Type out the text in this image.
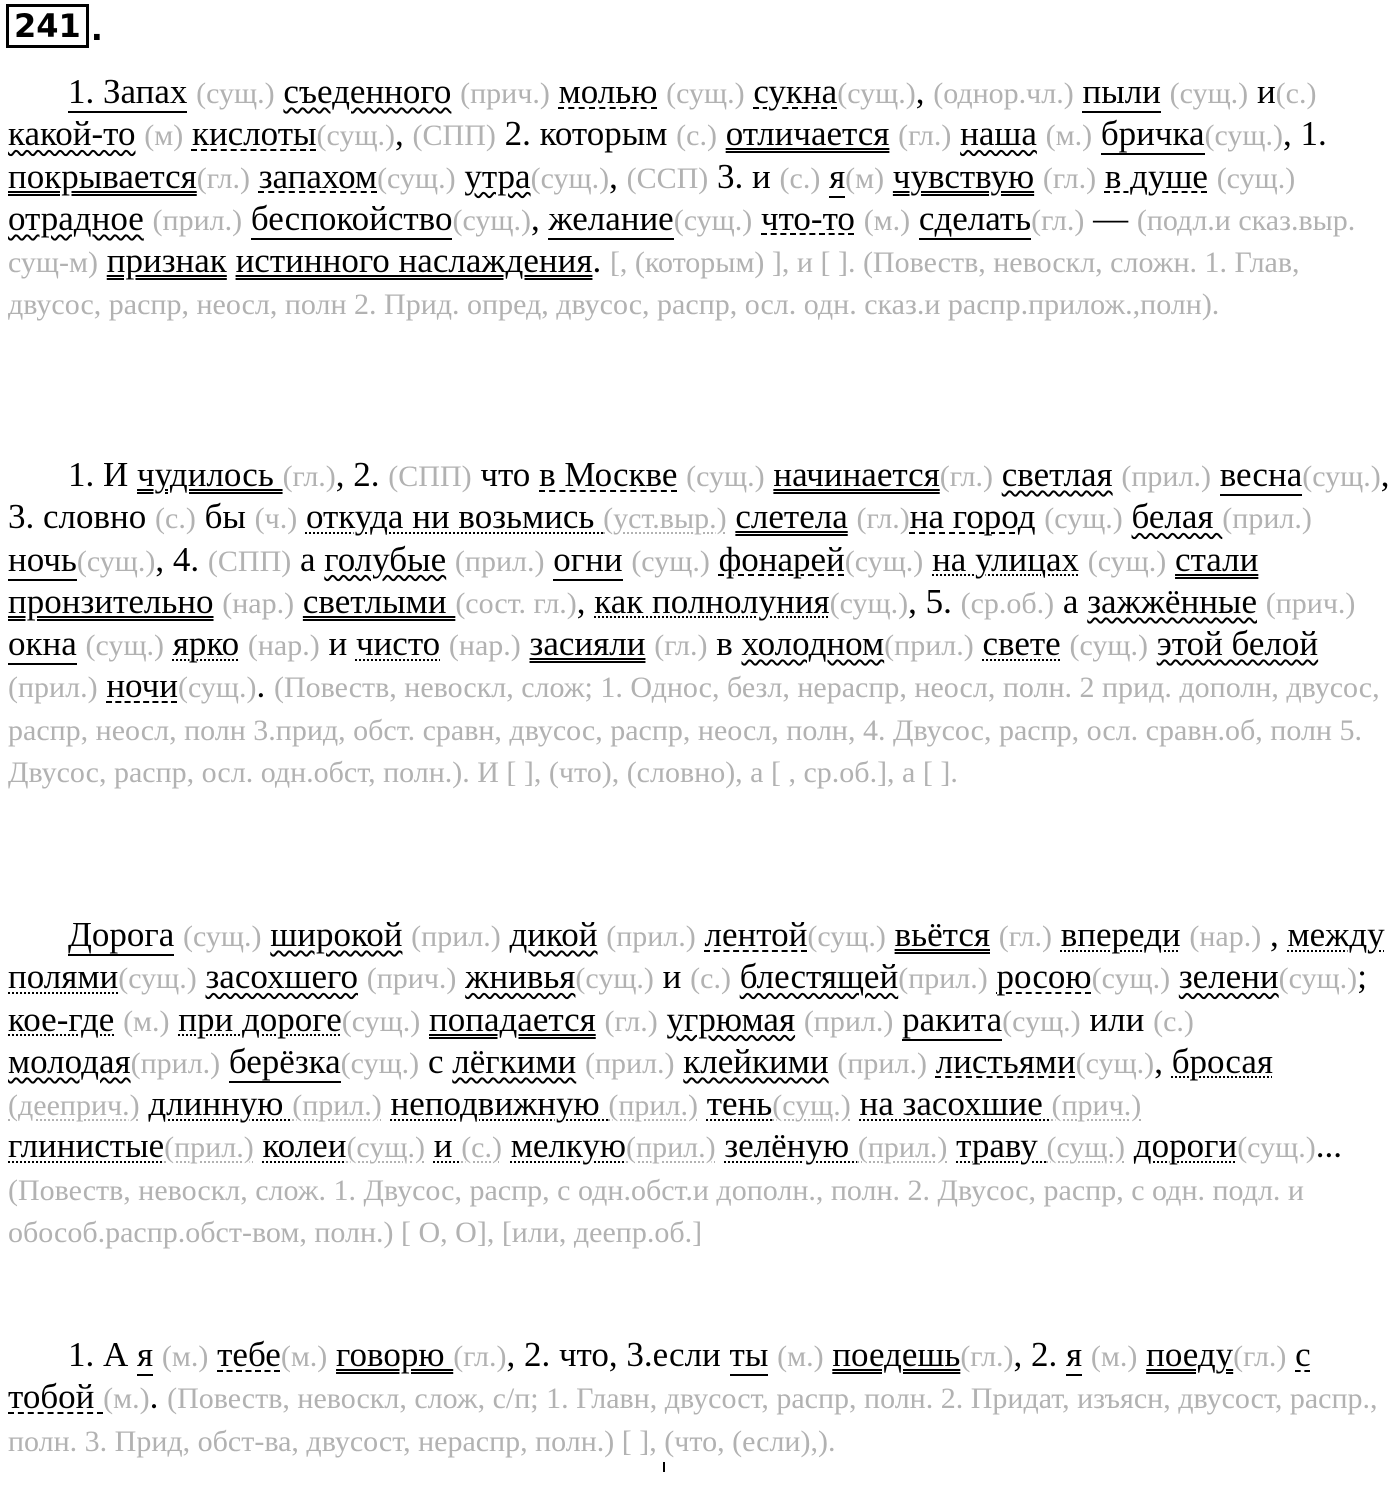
241 .

1. Запах (сущ.) съеденного (прич.) молью (сущ.) сукна(сущ.), (однор.чл.) пыли (сущ.) и(с.) какой-то (м) кислоты(сущ.), (СПП) 2. которым (с.) отличается (гл.) наша (м.) бричка(сущ.), 1. покрывается(гл.) запахом(сущ.) утра(сущ.), (ССП) 3. и (с.) я(м) чувствую (гл.) в душе (сущ.) отрадное (прил.) беспокойство(сущ.), желание(сущ.) что-то (м.) сделать(гл.) — (подл.и сказ.выр. сущ-м) признак истинного наслаждения. [, (которым) ], и [ ]. (Повеств, невоскл, сложн. 1. Глав, двусос, распр, неосл, полн 2. Прид. опред, двусос, распр, осл. одн. сказ.и распр.прилож.,полн).

1. И чудилось (гл.), 2. (СПП) что в Москве (сущ.) начинается(гл.) светлая (прил.) весна(сущ.), 3. словно (с.) бы (ч.) откуда ни возьмись (уст.выр.) слетела (гл.)на город (сущ.) белая (прил.) ночь(сущ.), 4. (СПП) а голубые (прил.) огни (сущ.) фонарей(сущ.) на улицах (сущ.) стали пронзительно (нар.) светлыми (сост. гл.), как полнолуния(сущ.), 5. (ср.об.) а зажжённые (прич.) окна (сущ.) ярко (нар.) и чисто (нар.) засияли (гл.) в холодном(прил.) свете (сущ.) этой белой (прил.) ночи(сущ.). (Повеств, невоскл, слож; 1. Однос, безл, нераспр, неосл, полн. 2 прид. дополн, двусос, распр, неосл, полн 3.прид, обст. сравн, двусос, распр, неосл, полн, 4. Двусос, распр, осл. сравн.об, полн 5. Двусос, распр, осл. одн.обст, полн.). И [ ], (что), (словно), а [ , ср.об.], а [ ].

Дорога (сущ.) широкой (прил.) дикой (прил.) лентой(сущ.) вьётся (гл.) впереди (нар.) , между полями(сущ.) засохшего (прич.) жнивья(сущ.) и (с.) блестящей(прил.) росою(сущ.) зелени(сущ.); кое-где (м.) при дороге(сущ.) попадается (гл.) угрюмая (прил.) ракита(сущ.) или (с.) молодая(прил.) берёзка(сущ.) с лёгкими (прил.) клейкими (прил.) листьями(сущ.), бросая (дееприч.) длинную (прил.) неподвижную (прил.) тень(сущ.) на засохшие (прич.) глинистые(прил.) колеи(сущ.) и (с.) мелкую(прил.) зелёную (прил.) траву (сущ.) дороги(сущ.)... (Повеств, невоскл, слож. 1. Двусос, распр, с одн.обст.и дополн., полн. 2. Двусос, распр, с одн. подл. и обособ.распр.обст-вом, полн.) [ О, О], [или, деепр.об.]

1. А я (м.) тебе(м.) говорю (гл.), 2. что, 3.если ты (м.) поедешь(гл.), 2. я (м.) поеду(гл.) с тобой (м.). (Повеств, невоскл, слож, с/п; 1. Главн, двусост, распр, полн. 2. Придат, изъясн, двусост, распр., полн. 3. Прид, обст-ва, двусост, нераспр, полн.) [ ], (что, (если),).
